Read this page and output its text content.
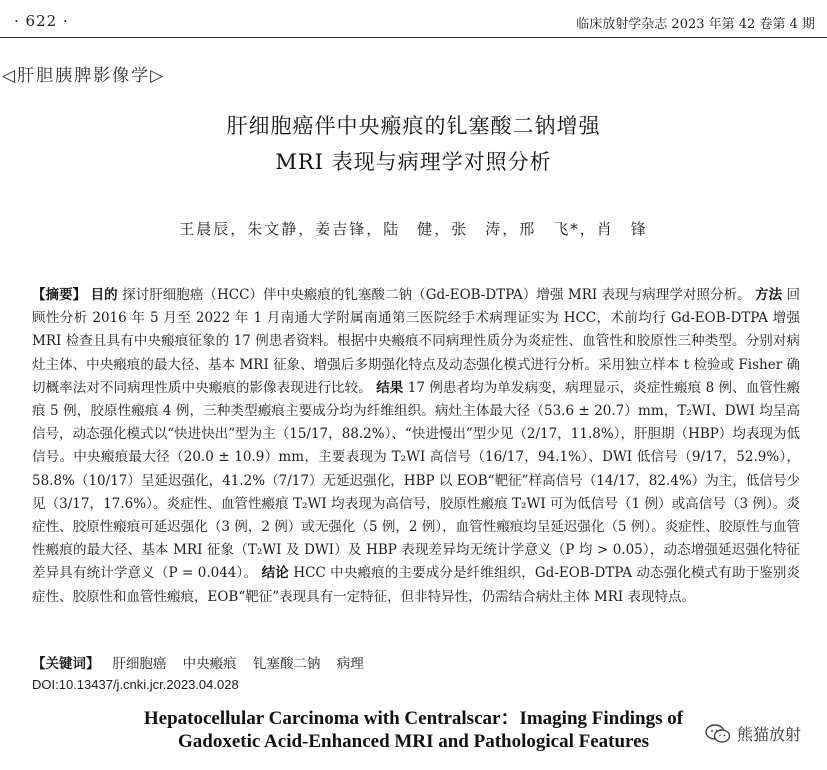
· 622 ·	临床放射学杂志 2023 年第 42 卷第 4 期
◁肝胆胰脾影像学▷
肝细胞癌伴中央瘢痕的钆塞酸二钠增强
MRI 表现与病理学对照分析
王晨辰，朱文静，姜吉锋，陆　健，张　涛，邢　飞*，肖　锋
【摘要】 目的 探讨肝细胞癌（HCC）伴中央瘢痕的钆塞酸二钠（Gd-EOB-DTPA）增强 MRI 表现与病理学对照分析。 方法 回顾性分析 2016 年 5 月至 2022 年 1 月南通大学附属南通第三医院经手术病理证实为 HCC，术前均行 Gd-EOB-DTPA 增强 MRI 检查且具有中央瘢痕征象的 17 例患者资料。根据中央瘢痕不同病理性质分为炎症性、血管性和胶原性三种类型。分别对病灶主体、中央瘢痕的最大径、基本 MRI 征象、增强后多期强化特点及动态强化模式进行分析。采用独立样本 t 检验或 Fisher 确切概率法对不同病理性质中央瘢痕的影像表现进行比较。 结果 17 例患者均为单发病变，病理显示，炎症性瘢痕 8 例、血管性瘢痕 5 例，胶原性瘢痕 4 例，三种类型瘢痕主要成分均为纤维组织。病灶主体最大径（53.6 ± 20.7）mm，T₂WI、DWI 均呈高信号，动态强化模式以“快进快出”型为主（15/17，88.2%）、“快进慢出”型少见（2/17，11.8%），肝胆期（HBP）均表现为低信号。中央瘢痕最大径（20.0 ± 10.9）mm，主要表现为 T₂WI 高信号（16/17，94.1%）、DWI 低信号（9/17，52.9%），58.8%（10/17）呈延迟强化，41.2%（7/17）无延迟强化，HBP 以 EOB“靶征”样高信号（14/17，82.4%）为主，低信号少见（3/17，17.6%）。炎症性、血管性瘢痕 T₂WI 均表现为高信号，胶原性瘢痕 T₂WI 可为低信号（1 例）或高信号（3 例）。炎症性、胶原性瘢痕可延迟强化（3 例，2 例）或无强化（5 例，2 例），血管性瘢痕均呈延迟强化（5 例）。炎症性、胶原性与血管性瘢痕的最大径、基本 MRI 征象（T₂WI 及 DWI）及 HBP 表现差异均无统计学意义（P 均 > 0.05），动态增强延迟强化特征差异具有统计学意义（P = 0.044）。 结论 HCC 中央瘢痕的主要成分是纤维组织，Gd-EOB-DTPA 动态强化模式有助于鉴别炎症性、胶原性和血管性瘢痕，EOB“靶征”表现具有一定特征，但非特异性，仍需结合病灶主体 MRI 表现特点。
【关键词】 肝细胞癌 中央瘢痕 钆塞酸二钠 病理
DOI:10.13437/j.cnki.jcr.2023.04.028
Hepatocellular Carcinoma with Centralscar：Imaging Findings of
Gadoxetic Acid-Enhanced MRI and Pathological Features	熊猫放射
